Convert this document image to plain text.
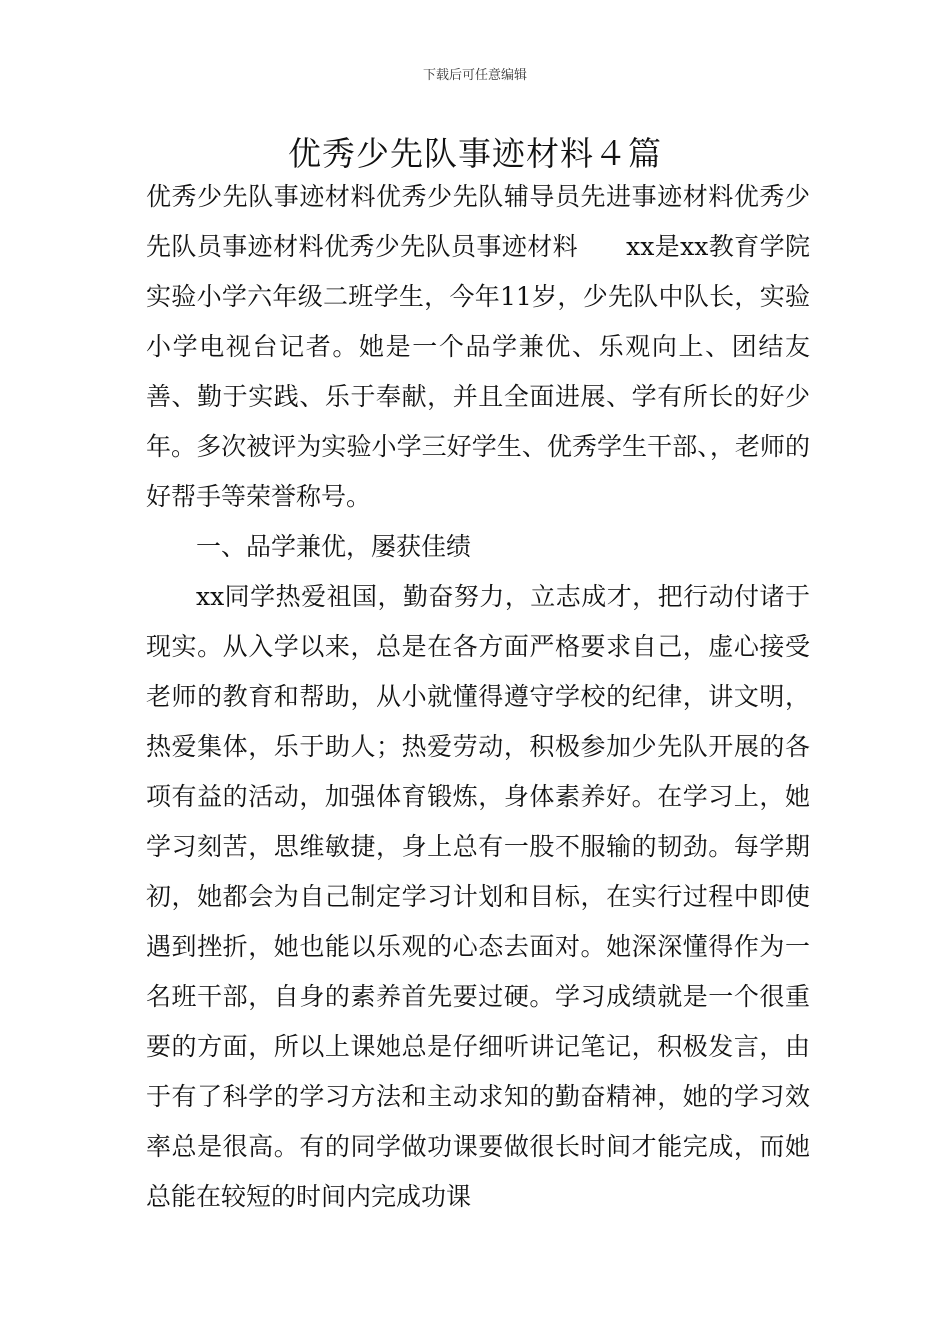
下载后可任意编辑
优秀少先队事迹材料４篇

优秀少先队事迹材料优秀少先队辅导员先进事迹材料优秀少先队员事迹材料优秀少先队员事迹材料 xx是xx教育学院实验小学六年级二班学生，今年11岁，少先队中队长，实验小学电视台记者。她是一个品学兼优、乐观向上、团结友善、勤于实践、乐于奉献，并且全面进展、学有所长的好少年。多次被评为实验小学三好学生、优秀学生干部、，老师的好帮手等荣誉称号。

一、品学兼优，屡获佳绩

xx同学热爱祖国，勤奋努力，立志成才，把行动付诸于现实。从入学以来，总是在各方面严格要求自己，虚心接受老师的教育和帮助，从小就懂得遵守学校的纪律，讲文明，热爱集体，乐于助人；热爱劳动，积极参加少先队开展的各项有益的活动，加强体育锻炼，身体素养好。在学习上，她学习刻苦，思维敏捷，身上总有一股不服输的韧劲。每学期初，她都会为自己制定学习计划和目标，在实行过程中即使遇到挫折，她也能以乐观的心态去面对。她深深懂得作为一名班干部，自身的素养首先要过硬。学习成绩就是一个很重要的方面，所以上课她总是仔细听讲记笔记，积极发言，由于有了科学的学习方法和主动求知的勤奋精神，她的学习效率总是很高。有的同学做功课要做很长时间才能完成，而她总能在较短的时间内完成功课
